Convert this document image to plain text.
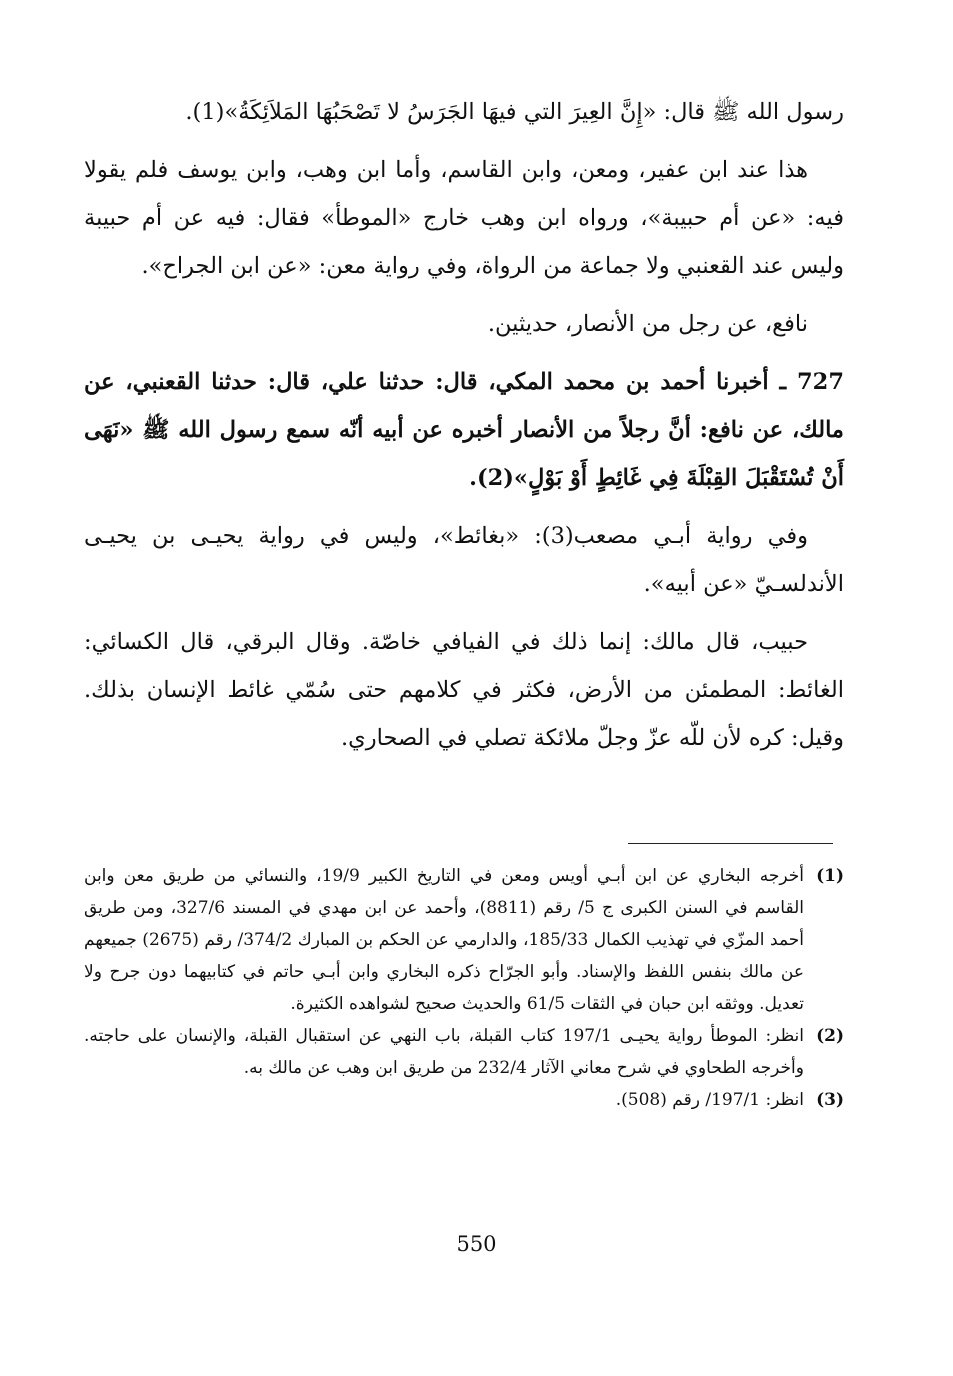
رسول الله ﷺ قال: «إِنَّ العِيرَ التي فيهَا الجَرَسُ لا تَصْحَبُهَا المَلاَئِكَةُ»(1).

هذا عند ابن عفير، ومعن، وابن القاسم، وأما ابن وهب، وابن يوسف فلم يقولا فيه: «عن أم حبيبة»، ورواه ابن وهب خارج «الموطأ» فقال: فيه عن أم حبيبة وليس عند القعنبي ولا جماعة من الرواة، وفي رواية معن: «عن ابن الجراح».

نافع، عن رجل من الأنصار، حديثين.

727 ـ أخبرنا أحمد بن محمد المكي، قال: حدثنا علي، قال: حدثنا القعنبي، عن مالك، عن نافع: أنَّ رجلاً من الأنصار أخبره عن أبيه أنّه سمع رسول الله ﷺ «نَهَى أَنْ تُسْتَقْبَلَ القِبْلَةَ فِي غَائِطٍ أَوْ بَوْلٍ»(2).

وفي رواية أبـي مصعب(3): «بغائط»، وليس في رواية يحيـى بن يحيـى الأندلسـيّ «عن أبيه».

حبيب، قال مالك: إنما ذلك في الفيافي خاصّة. وقال البرقي، قال الكسائي: الغائط: المطمئن من الأرض، فكثر في كلامهم حتى سُمّي غائط الإنسان بذلك. وقيل: كره لأن للّه عزّ وجلّ ملائكة تصلي في الصحاري.

(1)
أخرجه البخاري عن ابن أبـي أويس ومعن في التاريخ الكبير 19/9، والنسائي من طريق معن وابن القاسم في السنن الكبرى ج 5/ رقم (8811)، وأحمد عن ابن مهدي في المسند 327/6، ومن طريق أحمد المزّي في تهذيب الكمال 185/33، والدارمي عن الحكم بن المبارك 374/2/ رقم (2675) جميعهم عن مالك بنفس اللفظ والإسناد. وأبو الجرّاح ذكره البخاري وابن أبـي حاتم في كتابيهما دون جرح ولا تعديل. ووثقه ابن حبان في الثقات 61/5 والحديث صحيح لشواهده الكثيرة.
(2)
انظر: الموطأ رواية يحيـى 197/1 كتاب القبلة، باب النهي عن استقبال القبلة، والإنسان على حاجته. وأخرجه الطحاوي في شرح معاني الآثار 232/4 من طريق ابن وهب عن مالك به.
(3)
انظر: 197/1/ رقم (508).
550
